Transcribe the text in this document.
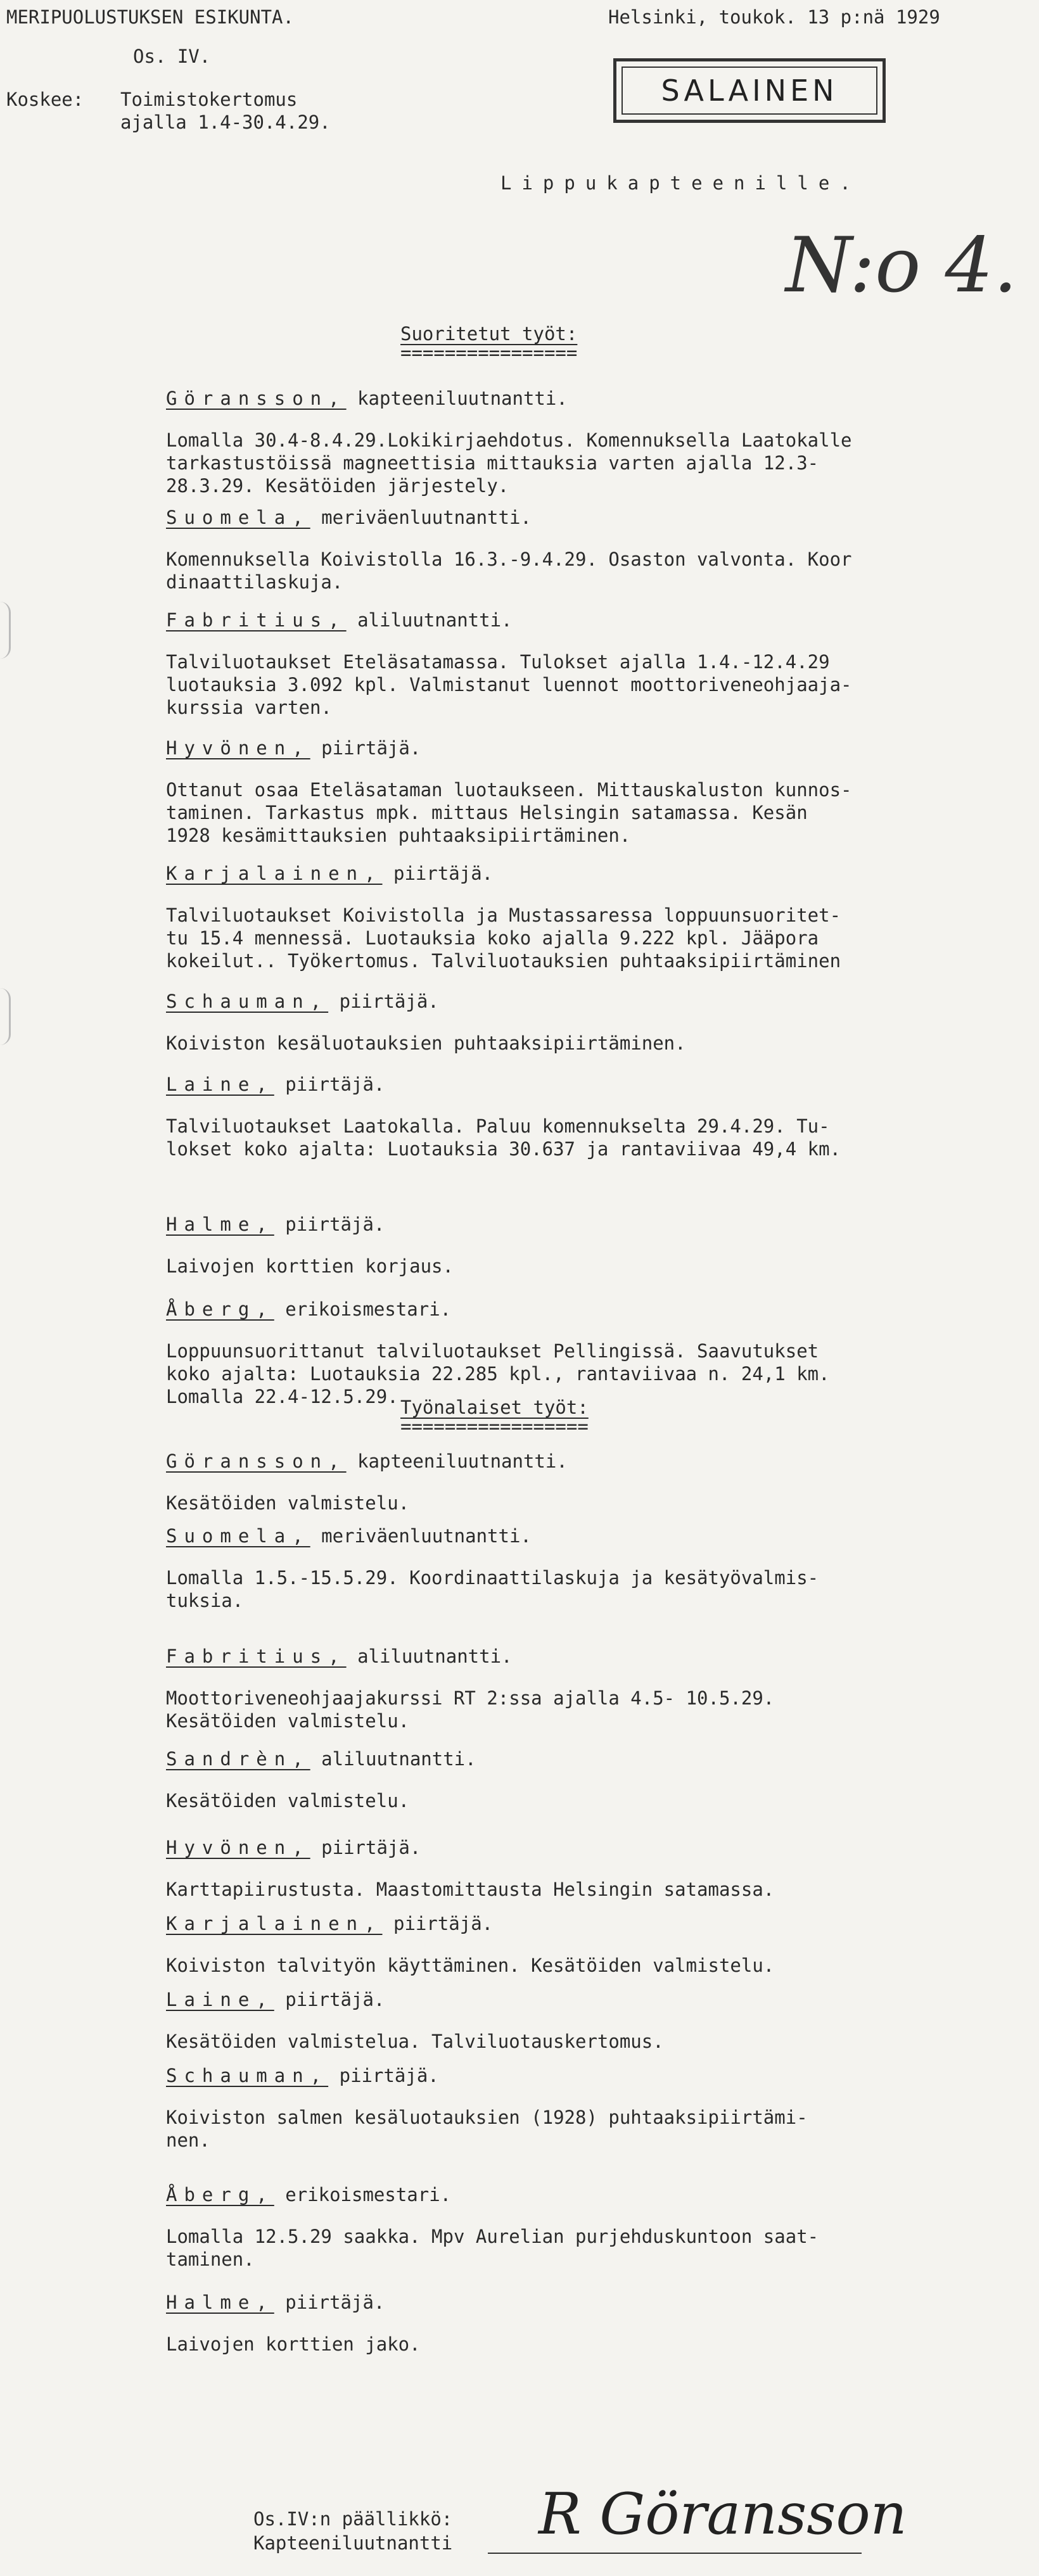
MERIPUOLUSTUKSEN ESIKUNTA.
Os. IV.
Koskee: Toimistokertomus
ajalla 1.4-30.4.29.
Helsinki, toukok. 13 p:nä 1929
SALAINEN
Lippukapteenille.
N:o 4.
Suoritetut työt:
================
Göransson, kapteeniluutnantti.
Lomalla 30.4-8.4.29.Lokikirjaehdotus. Komennuksella Laatokalle
tarkastustöissä magneettisia mittauksia varten ajalla 12.3-
28.3.29. Kesätöiden järjestely.
Suomela, meriväenluutnantti.
Komennuksella Koivistolla 16.3.-9.4.29. Osaston valvonta. Koor
dinaattilaskuja.
Fabritius, aliluutnantti.
Talviluotaukset Eteläsatamassa. Tulokset ajalla 1.4.-12.4.29
luotauksia 3.092 kpl. Valmistanut luennot moottoriveneohjaaja-
kurssia varten.
Hyvönen, piirtäjä.
Ottanut osaa Eteläsataman luotaukseen. Mittauskaluston kunnos-
taminen. Tarkastus mpk. mittaus Helsingin satamassa. Kesän
1928 kesämittauksien puhtaaksipiirtäminen.
Karjalainen, piirtäjä.
Talviluotaukset Koivistolla ja Mustassaressa loppuunsuoritet-
tu 15.4 mennessä. Luotauksia koko ajalla 9.222 kpl. Jääpora
kokeilut.. Työkertomus. Talviluotauksien puhtaaksipiirtäminen
Schauman, piirtäjä.
Koiviston kesäluotauksien puhtaaksipiirtäminen.
Laine, piirtäjä.
Talviluotaukset Laatokalla. Paluu komennukselta 29.4.29. Tu-
lokset koko ajalta: Luotauksia 30.637 ja rantaviivaa 49,4 km.
Halme, piirtäjä.
Laivojen korttien korjaus.
Åberg, erikoismestari.
Loppuunsuorittanut talviluotaukset Pellingissä. Saavutukset
koko ajalta: Luotauksia 22.285 kpl., rantaviivaa n. 24,1 km.
Lomalla 22.4-12.5.29. Työnalaiset työt:
=================
Göransson, kapteeniluutnantti.
Kesätöiden valmistelu.
Suomela, meriväenluutnantti.
Lomalla 1.5.-15.5.29. Koordinaattilaskuja ja kesätyövalmis-
tuksia.
Fabritius, aliluutnantti.
Moottoriveneohjaajakurssi RT 2:ssa ajalla 4.5- 10.5.29.
Kesätöiden valmistelu.
Sandrèn, aliluutnantti.
Kesätöiden valmistelu.
Hyvönen, piirtäjä.
Karttapiirustusta. Maastomittausta Helsingin satamassa.
Karjalainen, piirtäjä.
Koiviston talvityön käyttäminen. Kesätöiden valmistelu.
Laine, piirtäjä.
Kesätöiden valmistelua. Talviluotauskertomus.
Schauman, piirtäjä.
Koiviston salmen kesäluotauksien (1928) puhtaaksipiirtämi-
nen.
Åberg, erikoismestari.
Lomalla 12.5.29 saakka. Mpv Aurelian purjehduskuntoon saat-
taminen.
Halme, piirtäjä.
Laivojen korttien jako.
Os.IV:n päällikkö:
Kapteeniluutnantti R Göransson
